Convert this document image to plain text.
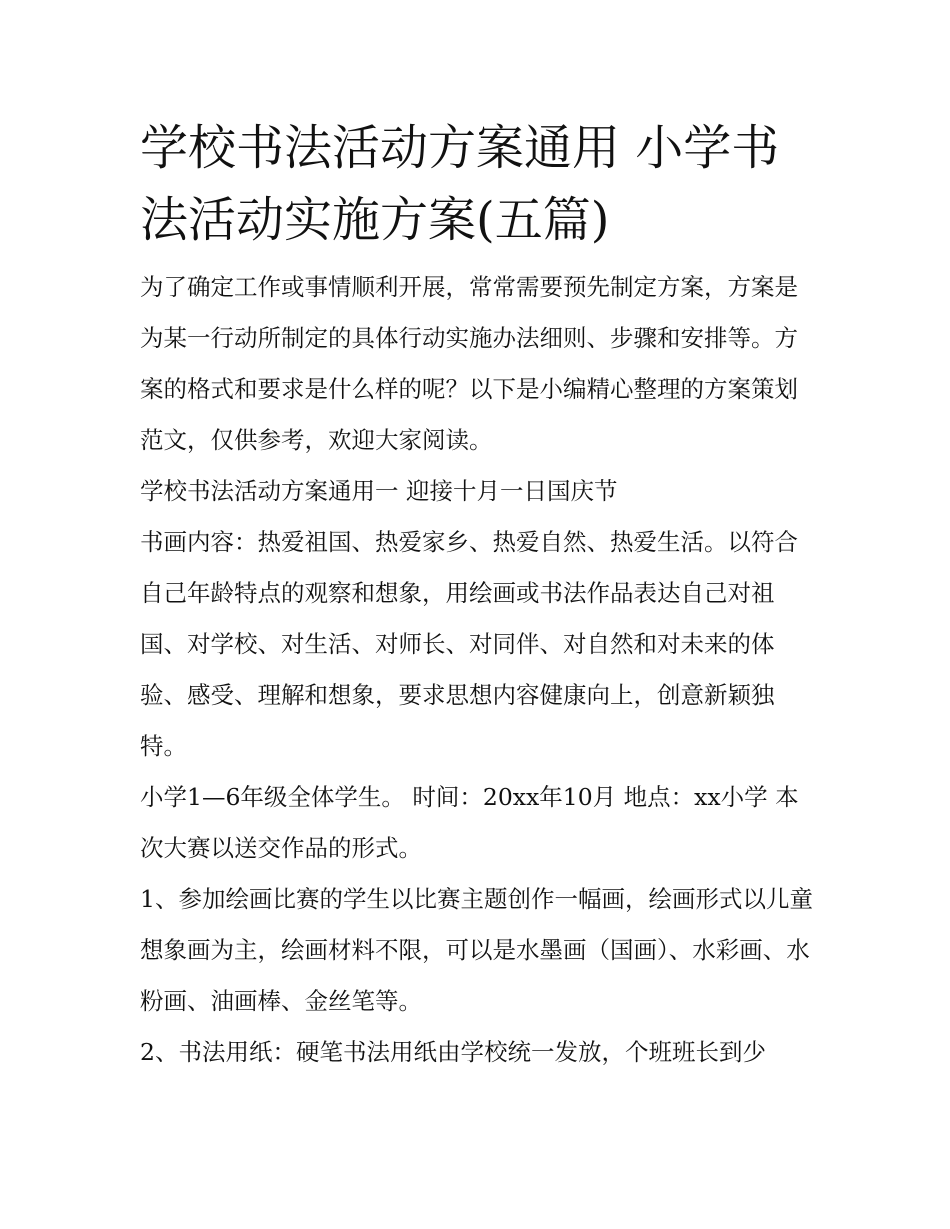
学校书法活动方案通用 小学书法活动实施方案(五篇)

为了确定工作或事情顺利开展，常常需要预先制定方案，方案是为某一行动所制定的具体行动实施办法细则、步骤和安排等。方案的格式和要求是什么样的呢？以下是小编精心整理的方案策划范文，仅供参考，欢迎大家阅读。

学校书法活动方案通用一 迎接十月一日国庆节

书画内容：热爱祖国、热爱家乡、热爱自然、热爱生活。以符合自己年龄特点的观察和想象，用绘画或书法作品表达自己对祖国、对学校、对生活、对师长、对同伴、对自然和对未来的体验、感受、理解和想象，要求思想内容健康向上，创意新颖独特。

小学1—6年级全体学生。 时间：20xx年10月 地点：xx小学 本次大赛以送交作品的形式。

1、参加绘画比赛的学生以比赛主题创作一幅画，绘画形式以儿童想象画为主，绘画材料不限，可以是水墨画（国画）、水彩画、水粉画、油画棒、金丝笔等。

2、书法用纸：硬笔书法用纸由学校统一发放，个班班长到少
